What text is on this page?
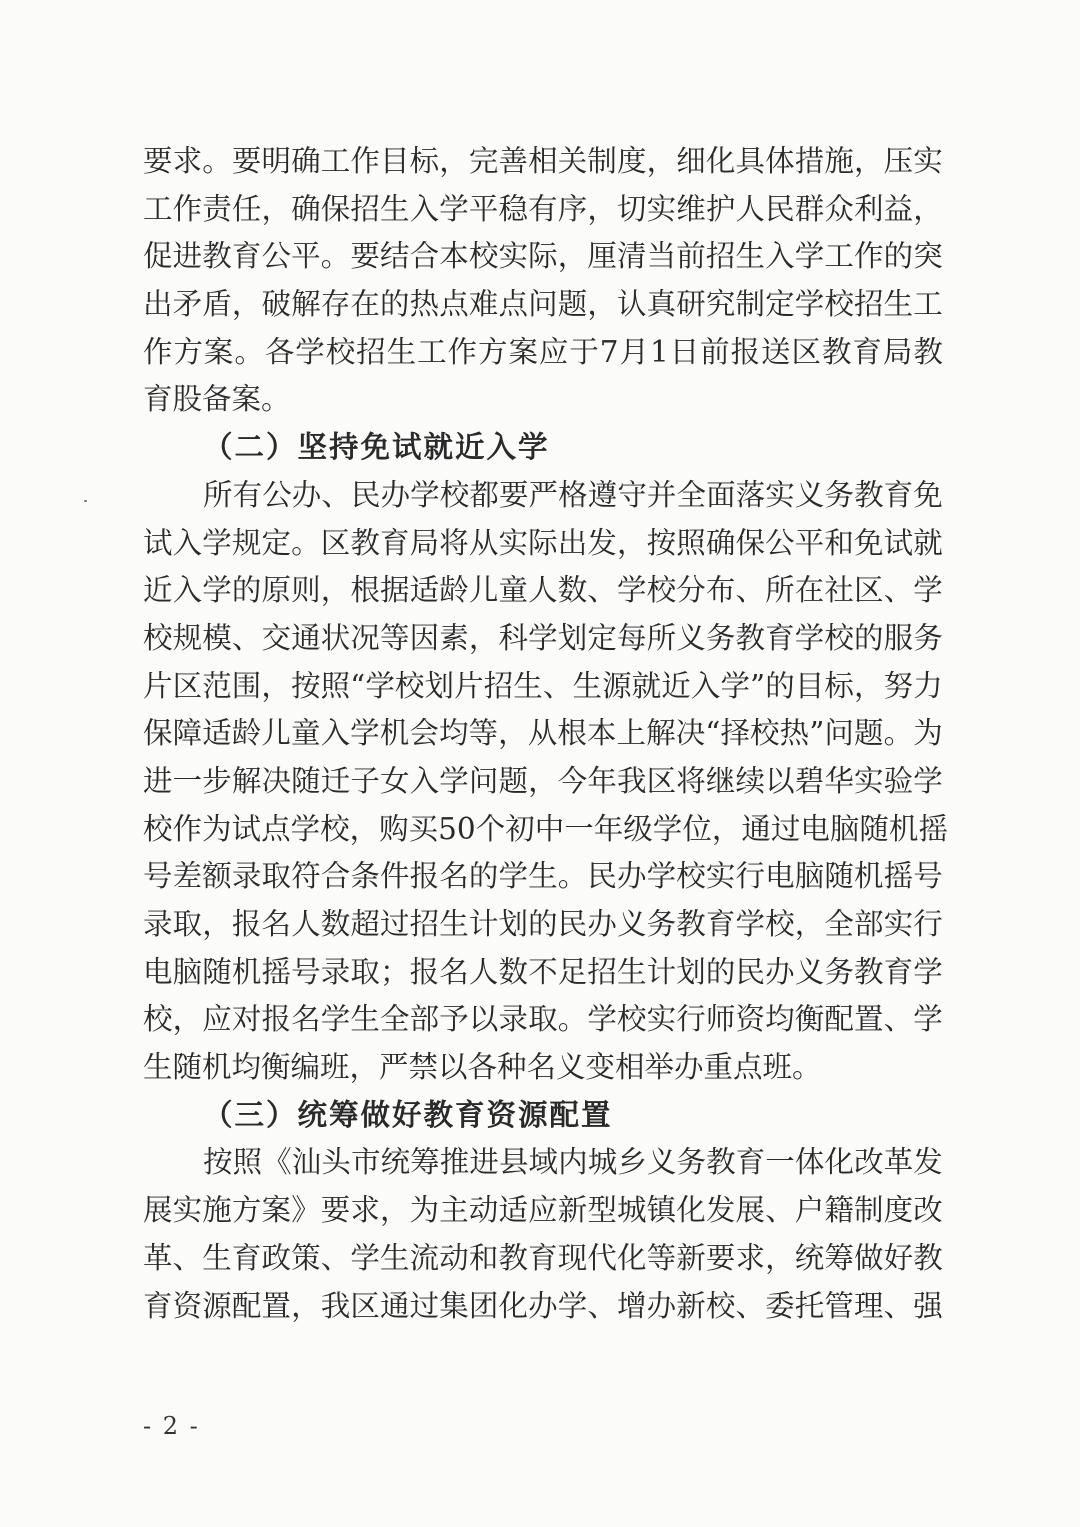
要 求 。 要 明 确 工 作 目 标 ， 完 善 相 关 制 度 ， 细 化 具 体 措 施 ， 压 实
工 作 责 任 ， 确 保 招 生 入 学 平 稳 有 序 ， 切 实 维 护 人 民 群 众 利 益 ，
促 进 教 育 公 平 。 要 结 合 本 校 实 际 ， 厘 清 当 前 招 生 入 学 工 作 的 突
出 矛 盾 ， 破 解 存 在 的 热 点 难 点 问 题 ， 认 真 研 究 制 定 学 校 招 生 工
作 方 案 。 各 学 校 招 生 工 作 方 案 应 于 7 月 1 日 前 报 送 区 教 育 局 教
育股备案。
（二）坚持免试就近入学
所 有 公 办 、 民 办 学 校 都 要 严 格 遵 守 并 全 面 落 实 义 务 教 育 免
试 入 学 规 定 。 区 教 育 局 将 从 实 际 出 发 ， 按 照 确 保 公 平 和 免 试 就
近 入 学 的 原 则 ， 根 据 适 龄 儿 童 人 数 、 学 校 分 布 、 所 在 社 区 、 学
校 规 模 、 交 通 状 况 等 因 素 ， 科 学 划 定 每 所 义 务 教 育 学 校 的 服 务
片 区 范 围 ， 按 照 “ 学 校 划 片 招 生 、 生 源 就 近 入 学 ” 的 目 标 ， 努 力
保 障 适 龄 儿 童 入 学 机 会 均 等 ， 从 根 本 上 解 决 “ 择 校 热 ” 问 题 。 为
进 一 步 解 决 随 迁 子 女 入 学 问 题 ， 今 年 我 区 将 继 续 以 碧 华 实 验 学
校 作 为 试 点 学 校 ， 购 买 50 个 初 中 一 年 级 学 位 ， 通 过 电 脑 随 机 摇
号 差 额 录 取 符 合 条 件 报 名 的 学 生 。 民 办 学 校 实 行 电 脑 随 机 摇 号
录 取 ， 报 名 人 数 超 过 招 生 计 划 的 民 办 义 务 教 育 学 校 ， 全 部 实 行
电 脑 随 机 摇 号 录 取 ； 报 名 人 数 不 足 招 生 计 划 的 民 办 义 务 教 育 学
校 ， 应 对 报 名 学 生 全 部 予 以 录 取 。 学 校 实 行 师 资 均 衡 配 置 、 学
生随机均衡编班，严禁以各种名义变相举办重点班。
（三）统筹做好教育资源配置
按 照 《 汕 头 市 统 筹 推 进 县 域 内 城 乡 义 务 教 育 一 体 化 改 革 发
展 实 施 方 案 》 要 求 ， 为 主 动 适 应 新 型 城 镇 化 发 展 、 户 籍 制 度 改
革 、 生 育 政 策 、 学 生 流 动 和 教 育 现 代 化 等 新 要 求 ， 统 筹 做 好 教
育 资 源 配 置 ， 我 区 通 过 集 团 化 办 学 、 增 办 新 校 、 委 托 管 理 、 强
- 2 -
